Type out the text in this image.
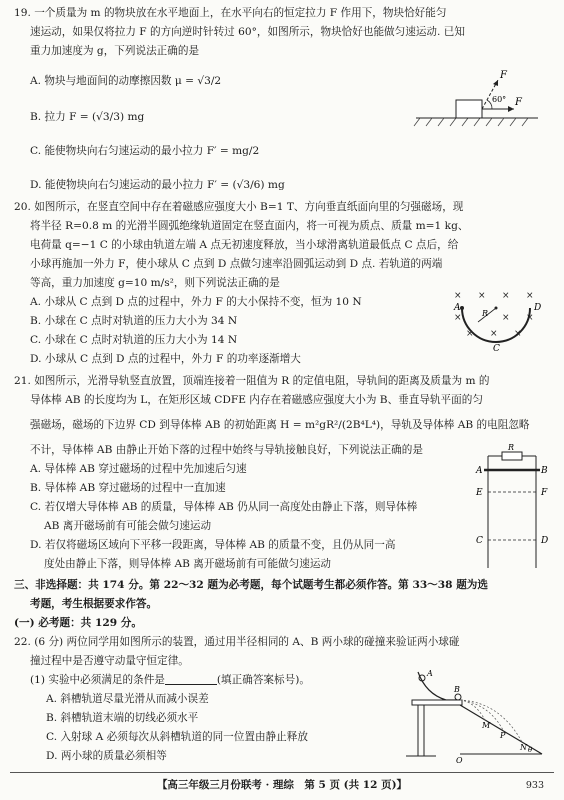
19. 一个质量为 m 的物块放在水平地面上，在水平向右的恒定拉力 F 作用下，物块恰好能匀
速运动，如果仅将拉力 F 的方向逆时针转过 60°，如图所示，物块恰好也能做匀速运动. 已知
重力加速度为 g，下列说法正确的是
A. 物块与地面间的动摩擦因数 μ = √3/2
B. 拉力 F = (√3/3) mg
C. 能使物块向右匀速运动的最小拉力 F′ = mg/2
D. 能使物块向右匀速运动的最小拉力 F′ = (√3/6) mg
F
F
60°
20. 如图所示，在竖直空间中存在着磁感应强度大小 B=1 T、方向垂直纸面向里的匀强磁场，现
将半径 R=0.8 m 的光滑半圆弧绝缘轨道固定在竖直面内，将一可视为质点、质量 m=1 kg、
电荷量 q=−1 C 的小球由轨道左端 A 点无初速度释放，当小球滑离轨道最低点 C 点后，给
小球再施加一外力 F，使小球从 C 点到 D 点做匀速率沿圆弧运动到 D 点. 若轨道的两端
等高，重力加速度 g=10 m/s²，则下列说法正确的是
A. 小球从 C 点到 D 点的过程中，外力 F 的大小保持不变，恒为 10 N
B. 小球在 C 点时对轨道的压力大小为 34 N
C. 小球在 C 点时对轨道的压力大小为 14 N
D. 小球从 C 点到 D 点的过程中，外力 F 的功率逐渐增大
× × × ×
×	× ×
× × ×
A	D
C
R
21. 如图所示，光滑导轨竖直放置，顶端连接着一阻值为 R 的定值电阻，导轨间的距离及质量为 m 的
导体棒 AB 的长度均为 L，在矩形区域 CDFE 内存在着磁感应强度大小为 B、垂直导轨平面的匀
强磁场，磁场的下边界 CD 到导体棒 AB 的初始距离 H = m²gR²/(2B⁴L⁴)，导轨及导体棒 AB 的电阻忽略
不计，导体棒 AB 由静止开始下落的过程中始终与导轨接触良好，下列说法正确的是
A. 导体棒 AB 穿过磁场的过程中先加速后匀速
B. 导体棒 AB 穿过磁场的过程中一直加速
C. 若仅增大导体棒 AB 的质量，导体棒 AB 仍从同一高度处由静止下落，则导体棒
AB 离开磁场前有可能会做匀速运动
D. 若仅将磁场区域向下平移一段距离，导体棒 AB 的质量不变，且仍从同一高
度处由静止下落，则导体棒 AB 离开磁场前有可能做匀速运动
R
A	B
E	F
C	D
三、非选择题：共 174 分。第 22～32 题为必考题，每个试题考生都必须作答。第 33～38 题为选
考题，考生根据要求作答。
(一) 必考题：共 129 分。
22. (6 分) 两位同学用如图所示的装置，通过用半径相同的 A、B 两小球的碰撞来验证两小球碰
撞过程中是否遵守动量守恒定律。
(1) 实验中必须满足的条件是	(填正确答案标号)。
A. 斜槽轨道尽量光滑从而减小误差
B. 斜槽轨道末端的切线必须水平
C. 入射球 A 必须每次从斜槽轨道的同一位置由静止释放
D. 两小球的质量必须相等
A
B
M
P
N
O
θ
【高三年级三月份联考 · 理综　第 5 页 (共 12 页)】	933
